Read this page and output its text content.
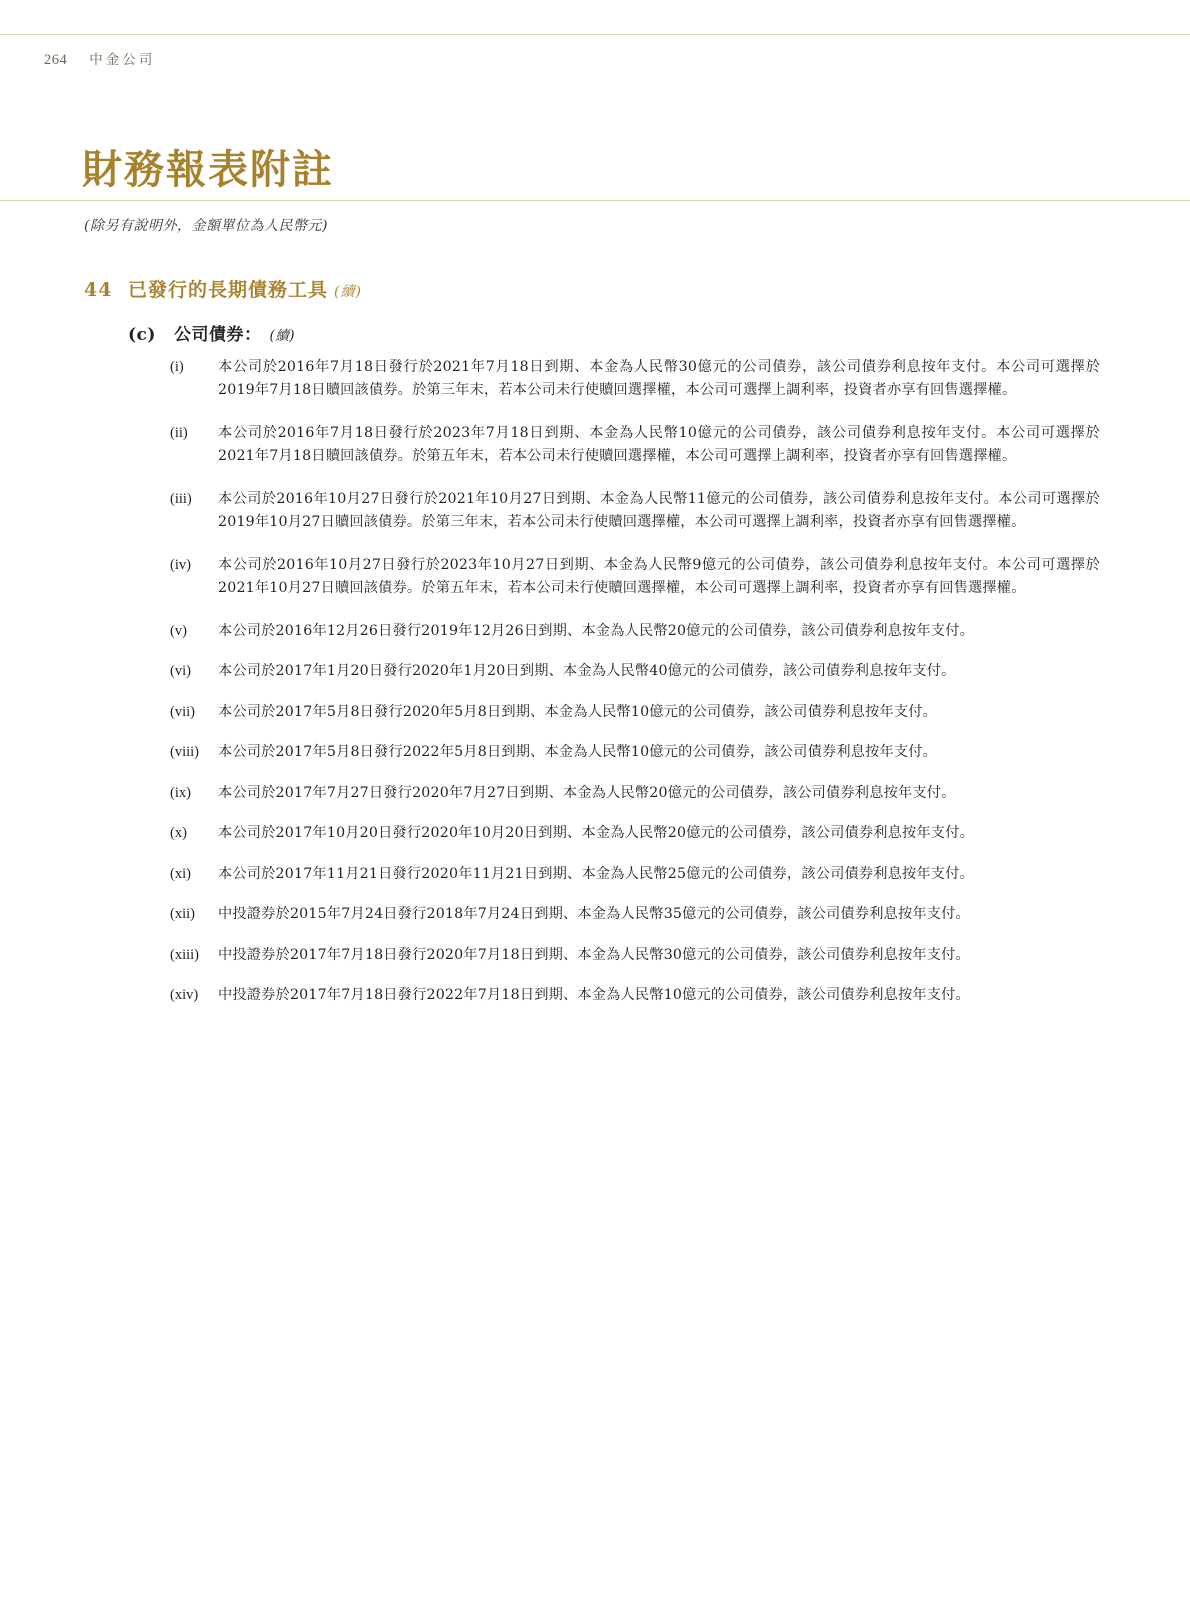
264 中金公司
財務報表附註
(除另有說明外，金額單位為人民幣元)
44 已發行的長期債務工具 (續)
(c)	公司債券： (續)
(i)	本公司於2016年7月18日發行於2021年7月18日到期、本金為人民幣30億元的公司債券，該公司債券利息按年支付。本公司可選擇於2019年7月18日贖回該債券。於第三年末，若本公司未行使贖回選擇權，本公司可選擇上調利率，投資者亦享有回售選擇權。
(ii)	本公司於2016年7月18日發行於2023年7月18日到期、本金為人民幣10億元的公司債券，該公司債券利息按年支付。本公司可選擇於2021年7月18日贖回該債券。於第五年末，若本公司未行使贖回選擇權，本公司可選擇上調利率，投資者亦享有回售選擇權。
(iii)	本公司於2016年10月27日發行於2021年10月27日到期、本金為人民幣11億元的公司債券，該公司債券利息按年支付。本公司可選擇於2019年10月27日贖回該債券。於第三年末，若本公司未行使贖回選擇權，本公司可選擇上調利率，投資者亦享有回售選擇權。
(iv)	本公司於2016年10月27日發行於2023年10月27日到期、本金為人民幣9億元的公司債券，該公司債券利息按年支付。本公司可選擇於2021年10月27日贖回該債券。於第五年末，若本公司未行使贖回選擇權，本公司可選擇上調利率，投資者亦享有回售選擇權。
(v)	本公司於2016年12月26日發行2019年12月26日到期、本金為人民幣20億元的公司債券，該公司債券利息按年支付。
(vi)	本公司於2017年1月20日發行2020年1月20日到期、本金為人民幣40億元的公司債券，該公司債券利息按年支付。
(vii)	本公司於2017年5月8日發行2020年5月8日到期、本金為人民幣10億元的公司債券，該公司債券利息按年支付。
(viii)	本公司於2017年5月8日發行2022年5月8日到期、本金為人民幣10億元的公司債券，該公司債券利息按年支付。
(ix)	本公司於2017年7月27日發行2020年7月27日到期、本金為人民幣20億元的公司債券，該公司債券利息按年支付。
(x)	本公司於2017年10月20日發行2020年10月20日到期、本金為人民幣20億元的公司債券，該公司債券利息按年支付。
(xi)	本公司於2017年11月21日發行2020年11月21日到期、本金為人民幣25億元的公司債券，該公司債券利息按年支付。
(xii)	中投證券於2015年7月24日發行2018年7月24日到期、本金為人民幣35億元的公司債券，該公司債券利息按年支付。
(xiii)	中投證券於2017年7月18日發行2020年7月18日到期、本金為人民幣30億元的公司債券，該公司債券利息按年支付。
(xiv)	中投證券於2017年7月18日發行2022年7月18日到期、本金為人民幣10億元的公司債券，該公司債券利息按年支付。
